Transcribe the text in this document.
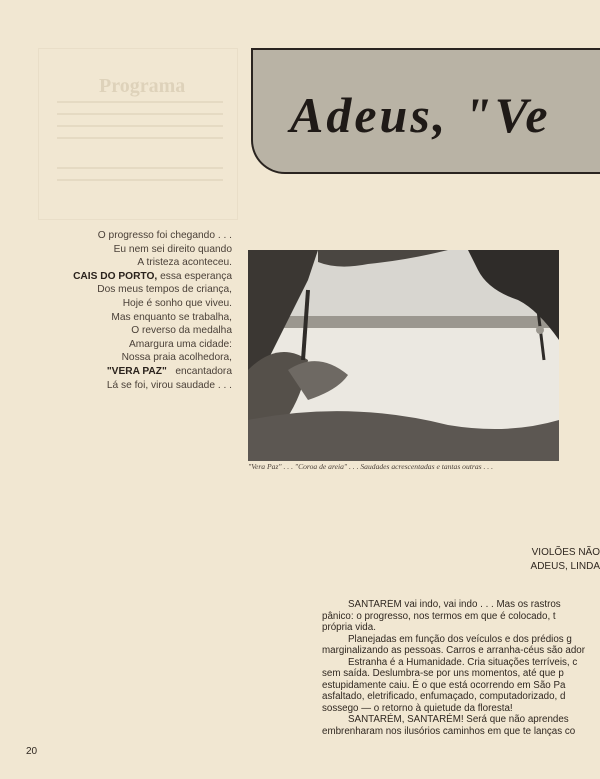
Programa
Adeus, "Ve
O progresso foi chegando . . .
Eu nem sei direito quando
A tristeza aconteceu.
CAIS DO PORTO, essa esperança
Dos meus tempos de criança,
Hoje é sonho que viveu.
Mas enquanto se trabalha,
O reverso da medalha
Amargura uma cidade:
Nossa praia acolhedora,
"VERA PAZ"   encantadora
Lá se foi, virou saudade . . .
"Vera Paz" . . . "Coroa de areia" . . . Saudades acrescentadas e tantas outras . . .
VIOLÕES NÃO
ADEUS, LINDA
SANTARÉM vai indo, vai indo . . . Mas os rastros
pânico: o progresso, nos termos em que é colocado, t
própria vida.
Planejadas em função dos veículos e dos prédios g
marginalizando as pessoas. Carros e arranha-céus são ador
Estranha é a Humanidade. Cria situações terríveis, c
sem saída. Deslumbra-se por uns momentos, até que p
estupidamente caiu. É o que está ocorrendo em São Pa
asfaltado, eletrificado, enfumaçado, computadorizado, d
sossego — o retorno à quietude da floresta!
SANTARÉM, SANTARÉM! Será que não aprendes
embrenharam nos ilusórios caminhos em que te lanças co
20
